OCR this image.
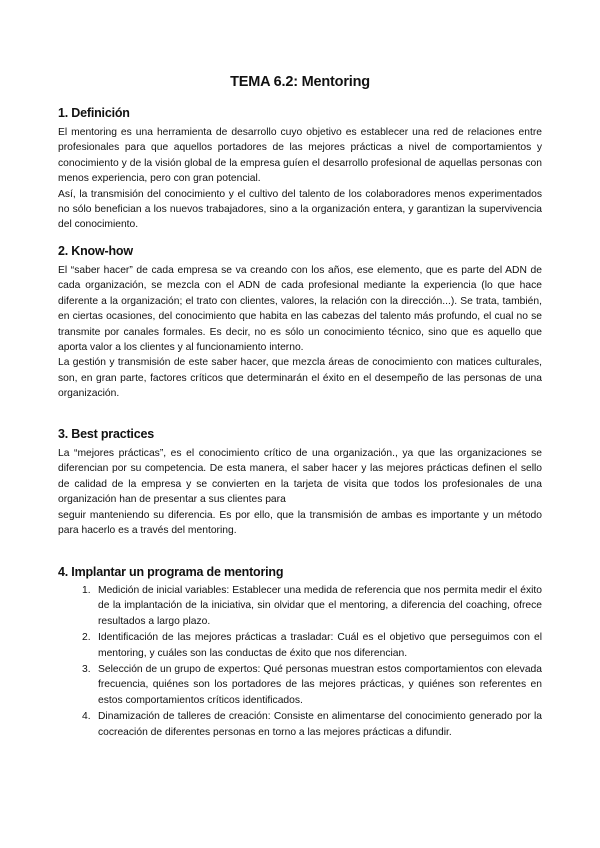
TEMA 6.2: Mentoring
1. Definición

El mentoring es una herramienta de desarrollo cuyo objetivo es establecer una red de relaciones entre profesionales para que aquellos portadores de las mejores prácticas a nivel de comportamientos y conocimiento y de la visión global de la empresa guíen el desarrollo profesional de aquellas personas con menos experiencia, pero con gran potencial.

Así, la transmisión del conocimiento y el cultivo del talento de los colaboradores menos experimentados no sólo benefician a los nuevos trabajadores, sino a la organización entera, y garantizan la supervivencia del conocimiento.

2. Know-how

El “saber hacer” de cada empresa se va creando con los años, ese elemento, que es parte del ADN de cada organización, se mezcla con el ADN de cada profesional mediante la experiencia (lo que hace diferente a la organización; el trato con clientes, valores, la relación con la dirección...). Se trata, también, en ciertas ocasiones, del conocimiento que habita en las cabezas del talento más profundo, el cual no se transmite por canales formales. Es decir, no es sólo un conocimiento técnico, sino que es aquello que aporta valor a los clientes y al funcionamiento interno.

La gestión y transmisión de este saber hacer, que mezcla áreas de conocimiento con matices culturales, son, en gran parte, factores críticos que determinarán el éxito en el desempeño de las personas de una organización.

3. Best practices

La “mejores prácticas”, es el conocimiento crítico de una organización., ya que las organizaciones se diferencian por su competencia. De esta manera, el saber hacer y las mejores prácticas definen el sello de calidad de la empresa y se convierten en la tarjeta de visita que todos los profesionales de una organización han de presentar a sus clientes para

seguir manteniendo su diferencia. Es por ello, que la transmisión de ambas es importante y un método para hacerlo es a través del mentoring.

4. Implantar un programa de mentoring
1. Medición de inicial variables: Establecer una medida de referencia que nos permita medir el éxito de la implantación de la iniciativa, sin olvidar que el mentoring, a diferencia del coaching, ofrece resultados a largo plazo.
2. Identificación de las mejores prácticas a trasladar: Cuál es el objetivo que perseguimos con el mentoring, y cuáles son las conductas de éxito que nos diferencian.
3. Selección de un grupo de expertos: Qué personas muestran estos comportamientos con elevada frecuencia, quiénes son los portadores de las mejores prácticas, y quiénes son referentes en estos comportamientos críticos identificados.
4. Dinamización de talleres de creación: Consiste en alimentarse del conocimiento generado por la cocreación de diferentes personas en torno a las mejores prácticas a difundir.
